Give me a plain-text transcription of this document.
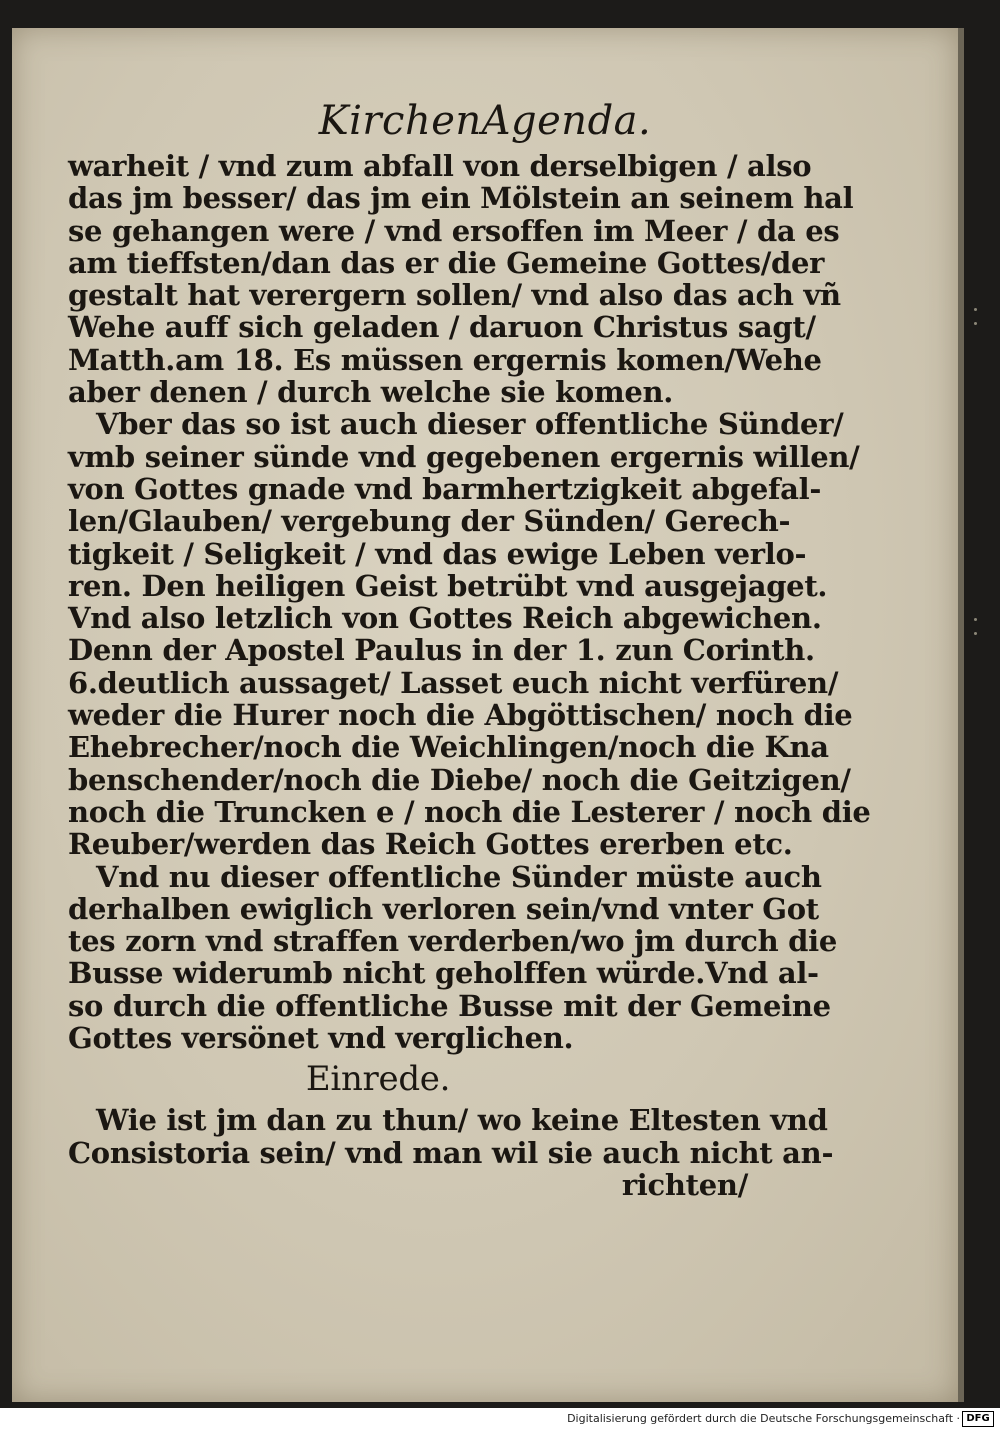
KirchenAgenda.
warheit / vnd zum abfall von derselbigen / also
das jm besser/ das jm ein Mölstein an seinem hal
se gehangen were / vnd ersoffen im Meer / da es
am tieffsten/dan das er die Gemeine Gottes/der
gestalt hat verergern sollen/ vnd also das ach vñ
Wehe auff sich geladen / daruon Christus sagt/
Matth.am 18. Es müssen ergernis komen/Wehe
aber denen / durch welche sie komen.
Vber das so ist auch dieser offentliche Sünder/
vmb seiner sünde vnd gegebenen ergernis willen/
von Gottes gnade vnd barmhertzigkeit abgefal-
len/Glauben/ vergebung der Sünden/ Gerech-
tigkeit / Seligkeit / vnd das ewige Leben verlo-
ren. Den heiligen Geist betrübt vnd ausgejaget.
Vnd also letzlich von Gottes Reich abgewichen.
Denn der Apostel Paulus in der 1. zun Corinth.
6.deutlich aussaget/ Lasset euch nicht verfüren/
weder die Hurer noch die Abgöttischen/ noch die
Ehebrecher/noch die Weichlingen/noch die Kna
benschender/noch die Diebe/ noch die Geitzigen/
noch die Truncken e / noch die Lesterer / noch die
Reuber/werden das Reich Gottes ererben etc.
Vnd nu dieser offentliche Sünder müste auch
derhalben ewiglich verloren sein/vnd vnter Got
tes zorn vnd straffen verderben/wo jm durch die
Busse widerumb nicht geholffen würde.Vnd al-
so durch die offentliche Busse mit der Gemeine
Gottes versönet vnd verglichen.
Einrede.
Wie ist jm dan zu thun/ wo keine Eltesten vnd
Consistoria sein/ vnd man wil sie auch nicht an-
richten/
Digitalisierung gefördert durch die Deutsche Forschungsgemeinschaft · DFG
